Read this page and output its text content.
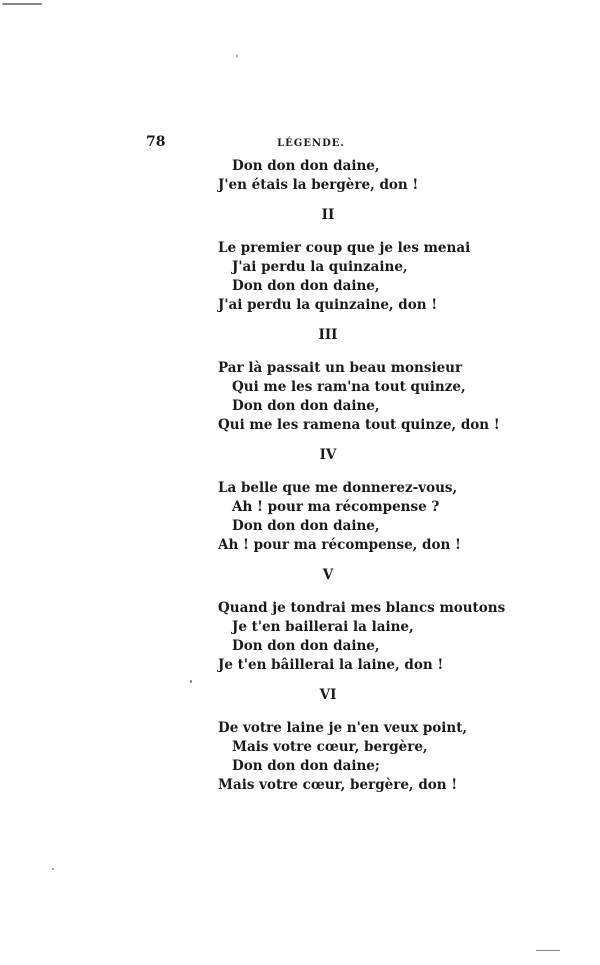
78	LÉGENDE.
Don don don daine,
J'en étais la bergère, don !
II
Le premier coup que je les menai
J'ai perdu la quinzaine,
Don don don daine,
J'ai perdu la quinzaine, don !
III
Par là passait un beau monsieur
Qui me les ram'na tout quinze,
Don don don daine,
Qui me les ramena tout quinze, don !
IV
La belle que me donnerez-vous,
Ah ! pour ma récompense ?
Don don don daine,
Ah ! pour ma récompense, don !
V
Quand je tondrai mes blancs moutons
Je t'en baillerai la laine,
Don don don daine,
Je t'en bâillerai la laine, don !
VI
De votre laine je n'en veux point,
Mais votre cœur, bergère,
Don don don daine;
Mais votre cœur, bergère, don !
